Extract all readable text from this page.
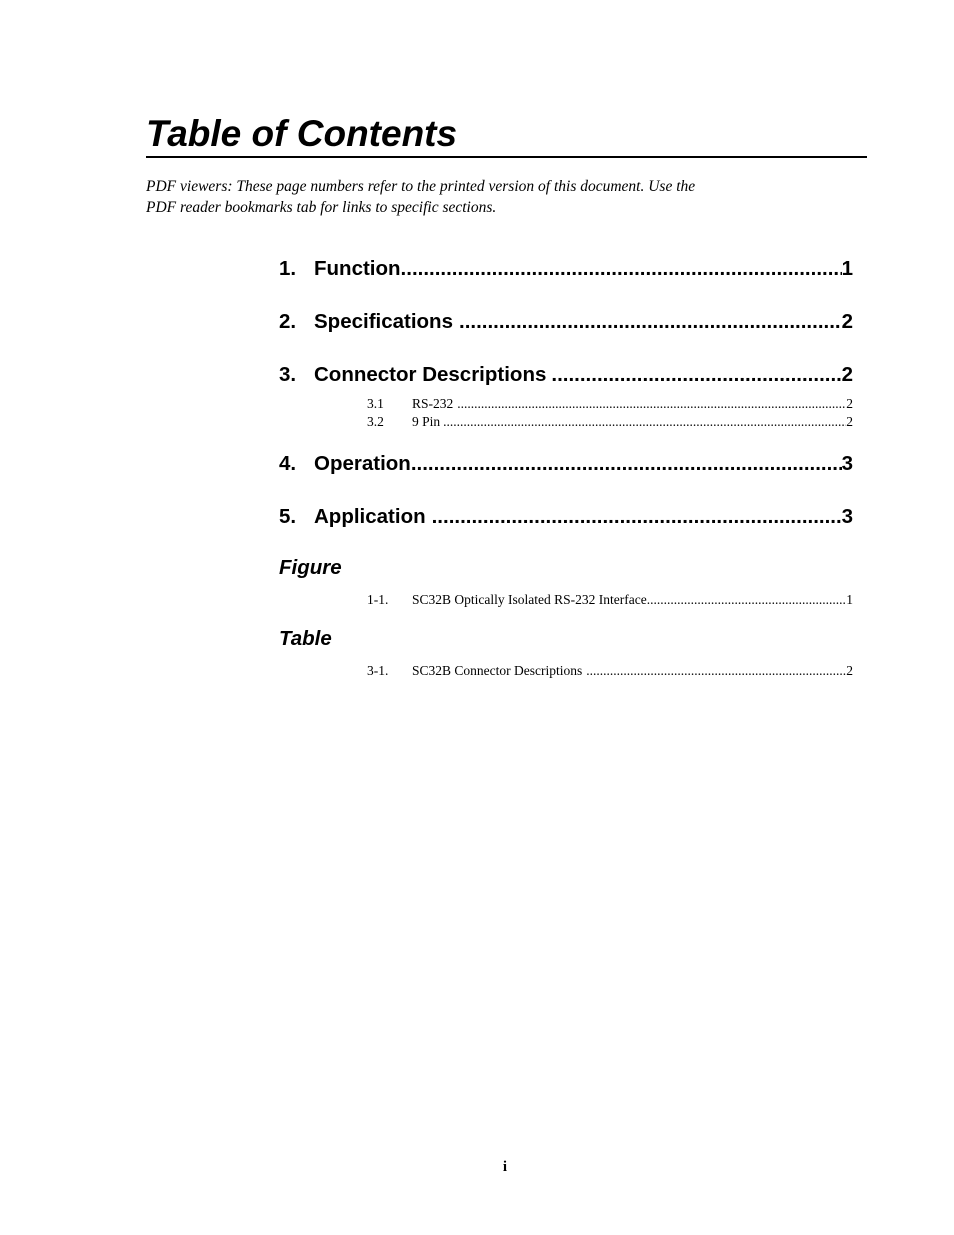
Table of Contents
PDF viewers: These page numbers refer to the printed version of this document. Use the
PDF reader bookmarks tab for links to specific sections.
1. Function .....	1
2. Specifications .....	2
3. Connector Descriptions .....	2
3.1	RS-232 .....	2
3.2	9 Pin .....	2
4. Operation .....	3
5. Application .....	3
Figure
1-1.	SC32B Optically Isolated RS-232 Interface .....	1
Table
3-1.	SC32B Connector Descriptions .....	2
i
